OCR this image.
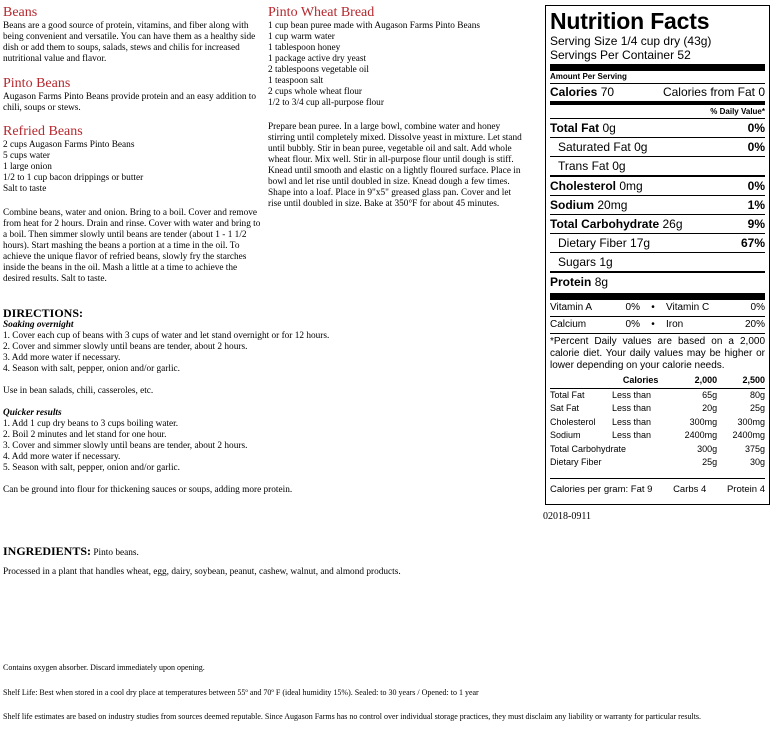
Beans
Beans are a good source of protein, vitamins, and fiber along with being convenient and versatile. You can have them as a healthy side dish or add them to soups, salads, stews and chilis for increased nutritional value and flavor.
Pinto Beans
Augason Farms Pinto Beans provide protein and an easy addition to chili, soups or stews.
Refried Beans

2 cups Augason Farms Pinto Beans

5 cups water

1 large onion

1/2 to 1 cup bacon drippings or butter

Salt to taste

Combine beans, water and onion. Bring to a boil. Cover and remove from heat for 2 hours. Drain and rinse. Cover with water and bring to a boil. Then simmer slowly until beans are tender (about 1 - 1 1/2 hours). Start mashing the beans a portion at a time in the oil. To achieve the unique flavor of refried beans, slowly fry the starches inside the beans in the oil. Mash a little at a time to achieve the desired results. Salt to taste.
Pinto Wheat Bread

1 cup bean puree made with Augason Farms Pinto Beans

1 cup warm water

1 tablespoon honey

1 package active dry yeast

2 tablespoons vegetable oil

1 teaspoon salt

2 cups whole wheat flour

1/2 to 3/4 cup all-purpose flour

Prepare bean puree. In a large bowl, combine water and honey stirring until completely mixed. Dissolve yeast in mixture. Let stand until bubbly. Stir in bean puree, vegetable oil and salt. Add whole wheat flour. Mix well. Stir in all-purpose flour until dough is stiff. Knead until smooth and elastic on a lightly floured surface. Place in bowl and let rise until doubled in size. Knead dough a few times. Shape into a loaf. Place in 9"x5" greased glass pan. Cover and let rise until doubled in size. Bake at 350°F for about 45 minutes.
DIRECTIONS:
Soaking overnight

1. Cover each cup of beans with 3 cups of water and let stand overnight or for 12 hours.

2. Cover and simmer slowly until beans are tender, about 2 hours.

3. Add more water if necessary.

4. Season with salt, pepper, onion and/or garlic.

Use in bean salads, chili, casseroles, etc.

Quicker results

1. Add 1 cup dry beans to 3 cups boiling water.

2. Boil 2 minutes and let stand for one hour.

3. Cover and simmer slowly until beans are tender, about 2 hours.

4. Add more water if necessary.

5. Season with salt, pepper, onion and/or garlic.

Can be ground into flour for thickening sauces or soups, adding more protein.

INGREDIENTS: Pinto beans.

Processed in a plant that handles wheat, egg, dairy, soybean, peanut, cashew, walnut, and almond products.

Contains oxygen absorber. Discard immediately upon opening.
Shelf Life: Best when stored in a cool dry place at temperatures between 55º and 70º F (ideal humidity 15%). Sealed: to 30 years / Opened: to 1 year
Shelf life estimates are based on industry studies from sources deemed reputable. Since Augason Farms has no control over individual storage practices, they must disclaim any liability or warranty for particular results.
02018-0911
Nutrition Facts
Serving Size 1/4 cup dry (43g)
Servings Per Container 52
Amount Per Serving
Calories 70	Calories from Fat 0
% Daily Value*
Total Fat 0g	0%
Saturated Fat 0g	0%
Trans Fat 0g
Cholesterol 0mg	0%
Sodium 20mg	1%
Total Carbohydrate 26g	9%
Dietary Fiber 17g	67%
Sugars 1g
Protein 8g
Vitamin A	0%	•	Vitamin C	0%
Calcium	0%	•	Iron	20%
*Percent Daily values are based on a 2,000 calorie diet. Your daily values may be higher or lower depending on your calorie needs.
	Calories	2,000	2,500
Total Fat	Less than	65g	80g
Sat Fat	Less than	20g	25g
Cholesterol	Less than	300mg	300mg
Sodium	Less than	2400mg	2400mg
Total Carbohydrate		300g	375g
Dietary Fiber		25g	30g
Calories per gram: Fat 9 Carbs 4 Protein 4
